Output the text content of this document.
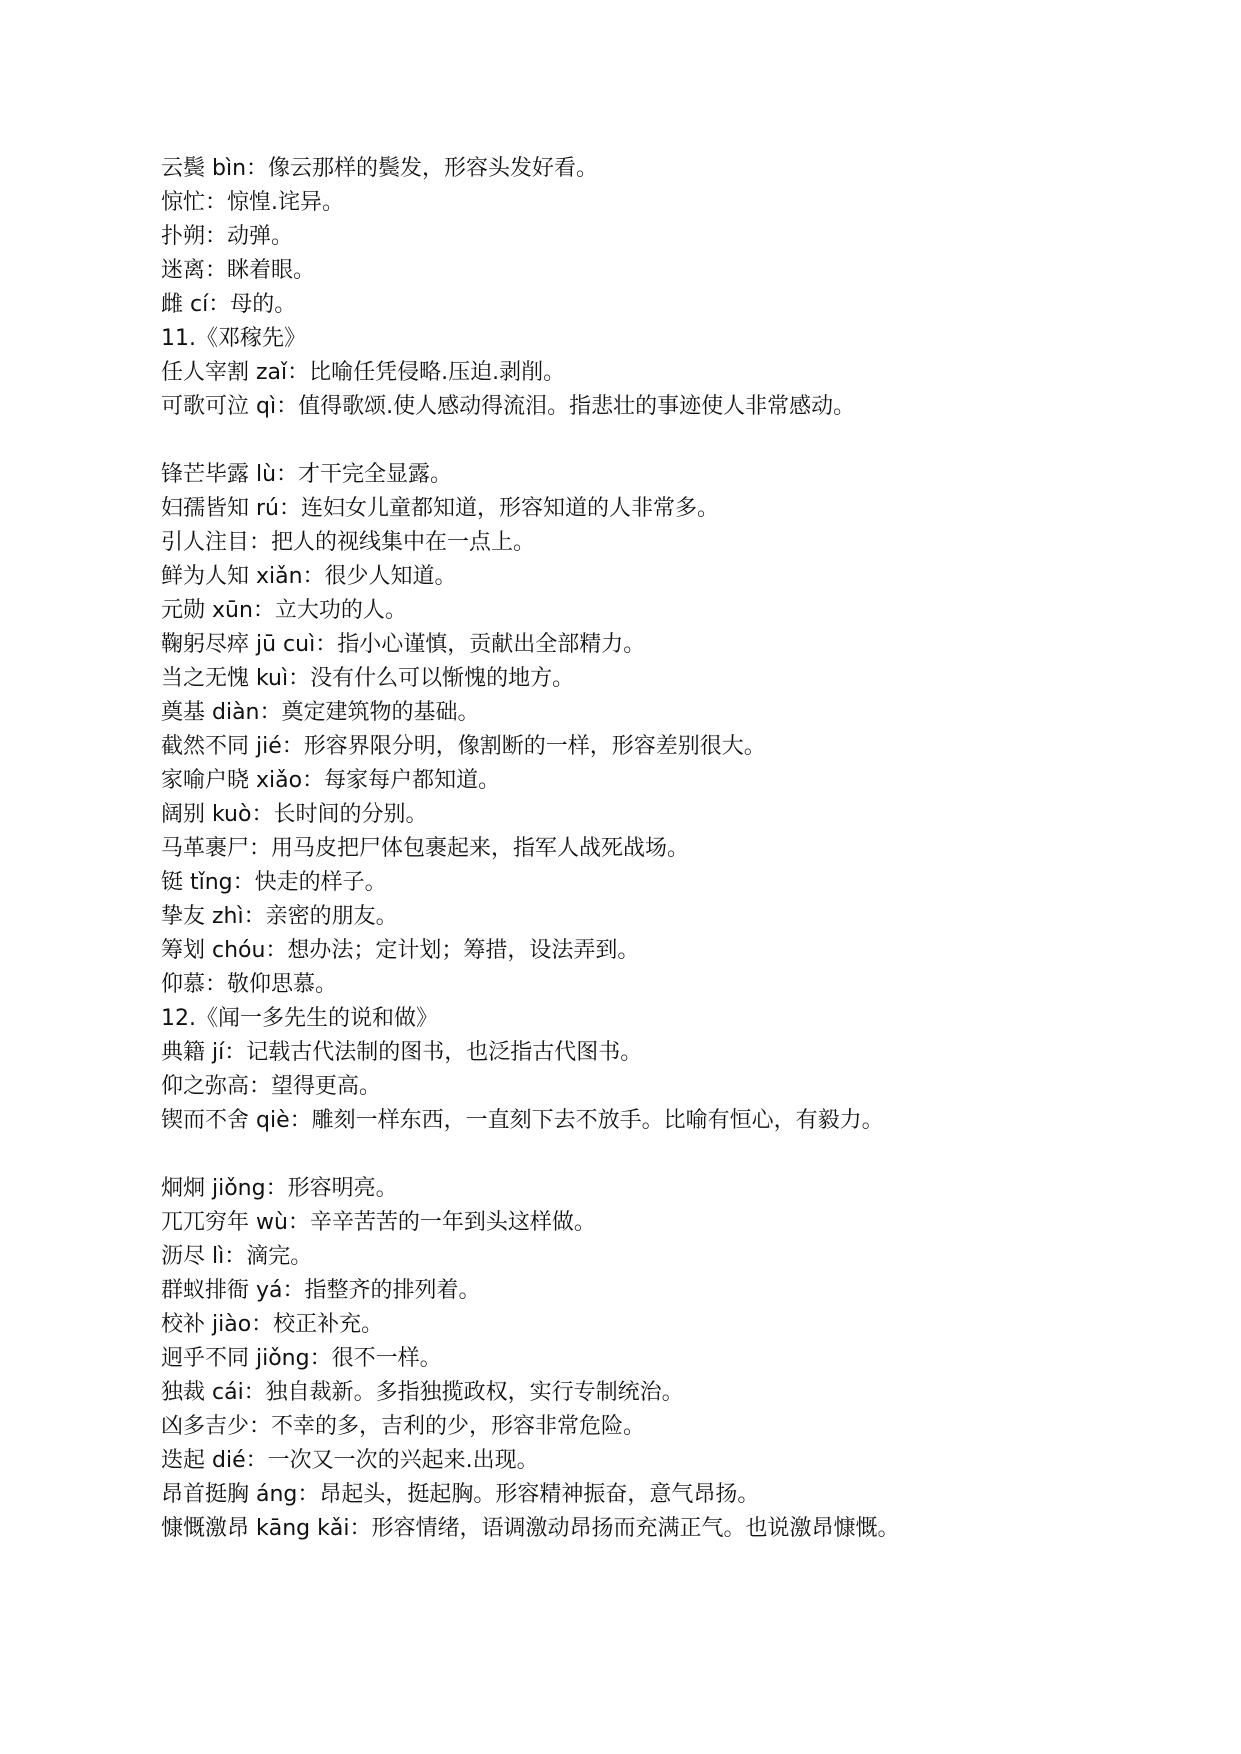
云鬓 bìn：像云那样的鬓发，形容头发好看。
惊忙：惊惶.诧异。
扑朔：动弹。
迷离：眯着眼。
雌 cí：母的。
11.《邓稼先》
任人宰割 zaǐ：比喻任凭侵略.压迫.剥削。
可歌可泣 qì：值得歌颂.使人感动得流泪。指悲壮的事迹使人非常感动。
锋芒毕露 lù：才干完全显露。
妇孺皆知 rú：连妇女儿童都知道，形容知道的人非常多。
引人注目：把人的视线集中在一点上。
鲜为人知 xiǎn：很少人知道。
元勋 xūn：立大功的人。
鞠躬尽瘁 jū cuì：指小心谨慎，贡献出全部精力。
当之无愧 kuì：没有什么可以惭愧的地方。
奠基 diàn：奠定建筑物的基础。
截然不同 jié：形容界限分明，像割断的一样，形容差别很大。
家喻户晓 xiǎo：每家每户都知道。
阔别 kuò：长时间的分别。
马革裹尸：用马皮把尸体包裹起来，指军人战死战场。
铤 tǐng：快走的样子。
挚友 zhì：亲密的朋友。
筹划 chóu：想办法；定计划；筹措，设法弄到。
仰慕：敬仰思慕。
12.《闻一多先生的说和做》
典籍 jí：记载古代法制的图书，也泛指古代图书。
仰之弥高：望得更高。
锲而不舍 qiè：雕刻一样东西，一直刻下去不放手。比喻有恒心，有毅力。
炯炯 jiǒng：形容明亮。
兀兀穷年 wù：辛辛苦苦的一年到头这样做。
沥尽 lì：滴完。
群蚁排衙 yá：指整齐的排列着。
校补 jiào：校正补充。
迥乎不同 jiǒng：很不一样。
独裁 cái：独自裁新。多指独揽政权，实行专制统治。
凶多吉少：不幸的多，吉利的少，形容非常危险。
迭起 dié：一次又一次的兴起来.出现。
昂首挺胸 áng：昂起头，挺起胸。形容精神振奋，意气昂扬。
慷慨激昂 kāng kǎi：形容情绪，语调激动昂扬而充满正气。也说激昂慷慨。
